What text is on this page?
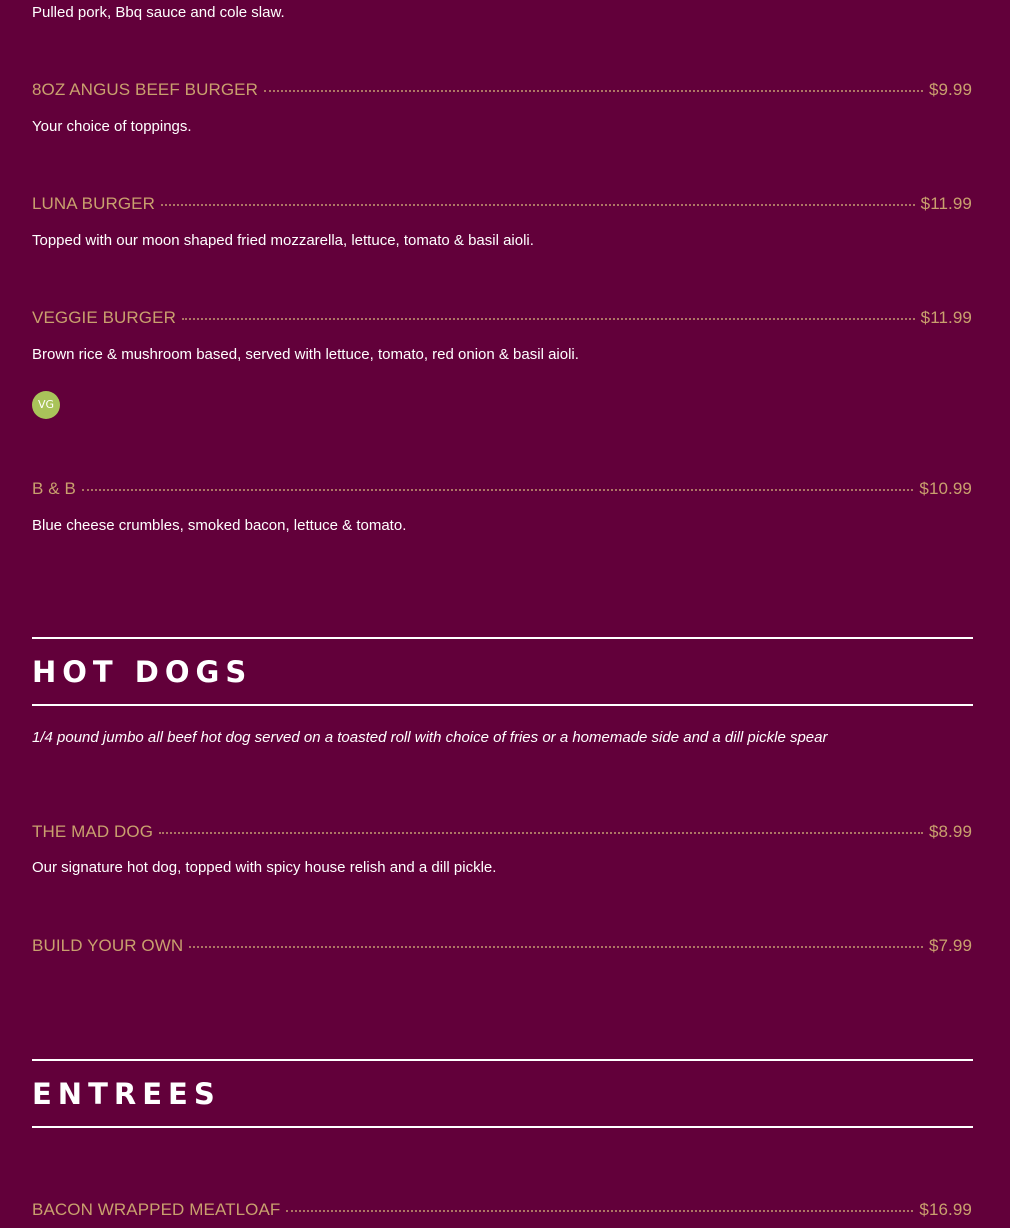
Pulled pork, Bbq sauce and cole slaw.
8OZ ANGUS BEEF BURGER	$9.99
Your choice of toppings.
LUNA BURGER	$11.99
Topped with our moon shaped fried mozzarella, lettuce, tomato & basil aioli.
VEGGIE BURGER	$11.99
Brown rice & mushroom based, served with lettuce, tomato, red onion & basil aioli.
VG
B & B	$10.99
Blue cheese crumbles, smoked bacon, lettuce & tomato.
HOT DOGS
1/4 pound jumbo all beef hot dog served on a toasted roll with choice of fries or a homemade side and a dill pickle spear
THE MAD DOG	$8.99
Our signature hot dog, topped with spicy house relish and a dill pickle.
BUILD YOUR OWN	$7.99
ENTREES
BACON WRAPPED MEATLOAF	$16.99
